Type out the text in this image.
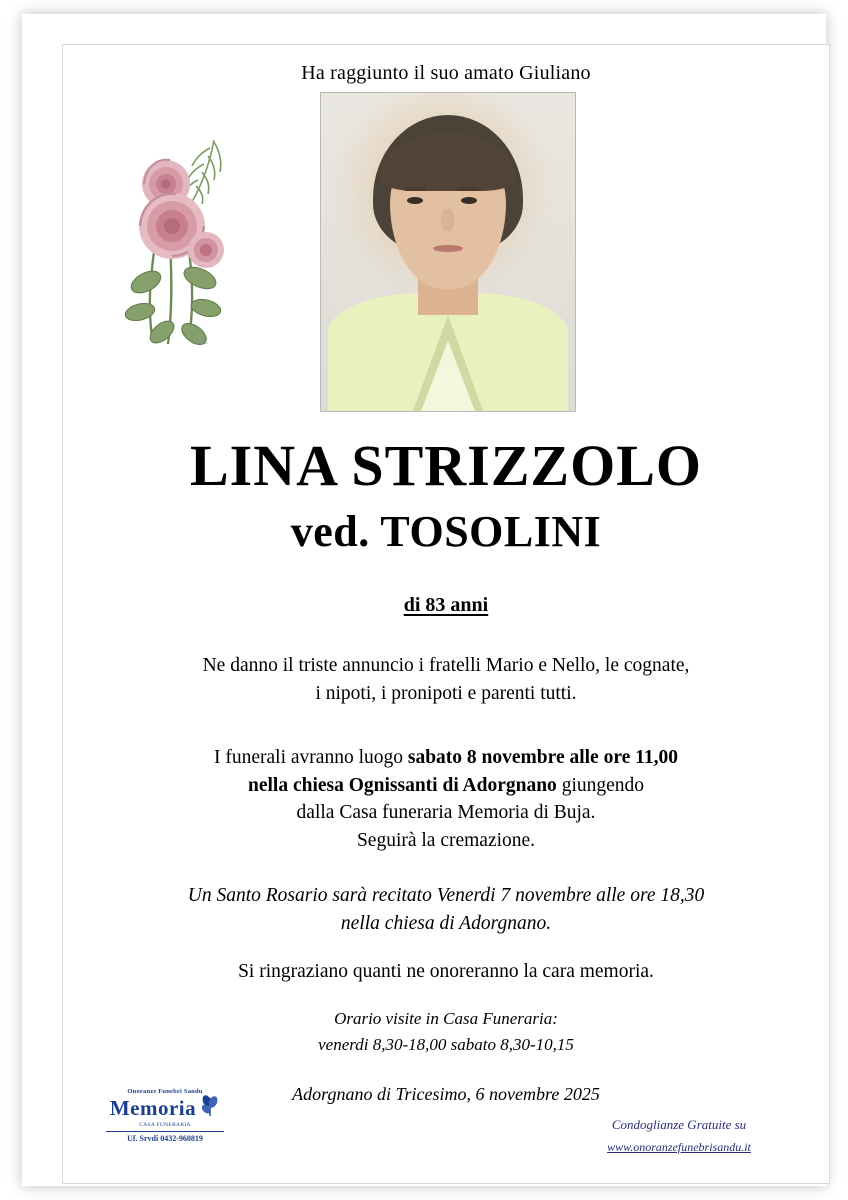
Ha raggiunto il suo amato Giuliano
M.L.
LINA STRIZZOLO
ved. TOSOLINI
di 83 anni
Ne danno il triste annuncio i fratelli Mario e Nello, le cognate,
i nipoti, i pronipoti e parenti tutti.
I funerali avranno luogo sabato 8 novembre alle ore 11,00
nella chiesa Ognissanti di Adorgnano giungendo
dalla Casa funeraria Memoria di Buja.
Seguirà la cremazione.
Un Santo Rosario sarà recitato Venerdi 7 novembre alle ore 18,30
nella chiesa di Adorgnano.
Si ringraziano quanti ne onoreranno la cara memoria.
Orario visite in Casa Funeraria:
venerdi 8,30-18,00 sabato 8,30-10,15
Adorgnano di Tricesimo, 6 novembre 2025
Onoranze Funebri Sandu
Memoria
CASA FUNERARIA
Uf. Srvdi 0432-960819
Condoglianze Gratuite su
www.onoranzefunebrisandu.it
